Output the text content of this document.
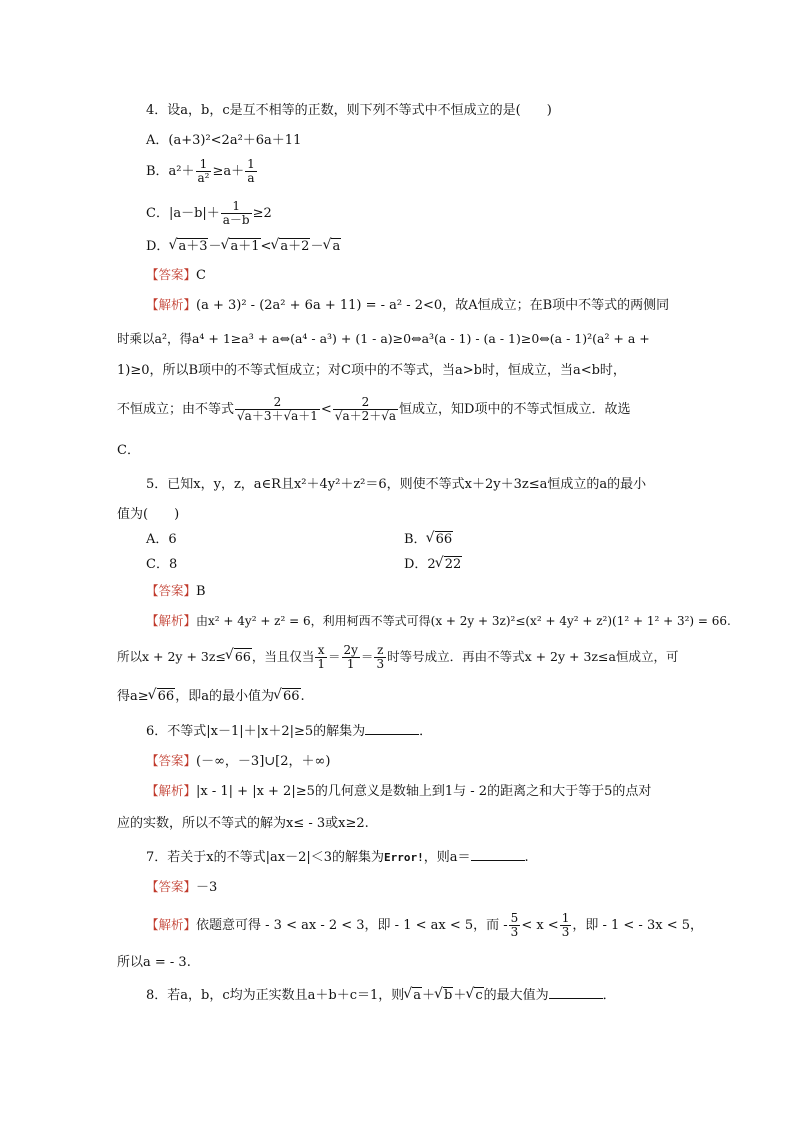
4．设a，b，c是互不相等的正数，则下列不等式中不恒成立的是(　　)
A．(a+3)²<2a²＋6a＋11
B．$a^2+ \frac{1}{\text{a²}} \ge a+ \frac{1}{a}$
C．$|a-b|+ \frac{1}{a-b} \ge 2$
D． √ a＋3－ √ a＋1< √ a＋2－ √ a
【答案】C
【解析】(a + 3)² - (2a² + 6a + 11) = - a² - 2<0，故A恒成立；在B项中不等式的两侧同
时乘以a²，得a⁴ + 1≥a³ + a⇔(a⁴ - a³) + (1 - a)≥0⇔a³(a - 1) - (a - 1)≥0⇔(a - 1)²(a² + a +
1)≥0，所以B项中的不等式恒成立；对C项中的不等式，当a>b时，恒成立，当a<b时，
不恒成立；由不等式 $\frac{2}{√a+3+√a+1} < \frac{2}{√a+2+√a}$ 恒成立，知D项中的不等式恒成立．故选
C．
5．已知x，y，z，a∈R且x²＋4y²＋z²＝6，则使不等式x＋2y＋3z≤a恒成立的a的最小
值为(　　)
A．6	B． √ 66
C．8	D．2 √ 22
【答案】B
【解析】由x² + 4y² + z² = 6，利用柯西不等式可得(x + 2y + 3z)²≤(x² + 4y² + z²)(1² + 1² + 3²) = 66.
所以x + 2y + 3z≤ √ 66，当且仅当 $\frac{x}{1} = \frac{2y}{1} = \frac{z}{3}$ 时等号成立．再由不等式x + 2y + 3z≤a恒成立，可
得a≥ √ 66，即a的最小值为 √ 66.
6．不等式|x－1|＋|x＋2|≥5的解集为	．
【答案】(－∞，－3]∪[2，＋∞)
【解析】|x - 1| + |x + 2|≥5的几何意义是数轴上到1与 - 2的距离之和大于等于5的点对
应的实数，所以不等式的解为x≤ - 3或x≥2.
7．若关于x的不等式|ax－2|＜3的解集为Error!，则a＝	.
【答案】－3
【解析】依题意可得 - 3 < ax - 2 < 3，即 - 1 < ax < 5，而 - $\frac{5}{3} < x < \frac{1}{3}$ ，即 - 1 < - 3x < 5，
所以a = - 3.
8．若a，b，c均为正实数且a＋b＋c＝1，则 √ a＋ √ b＋ √ c的最大值为	．
